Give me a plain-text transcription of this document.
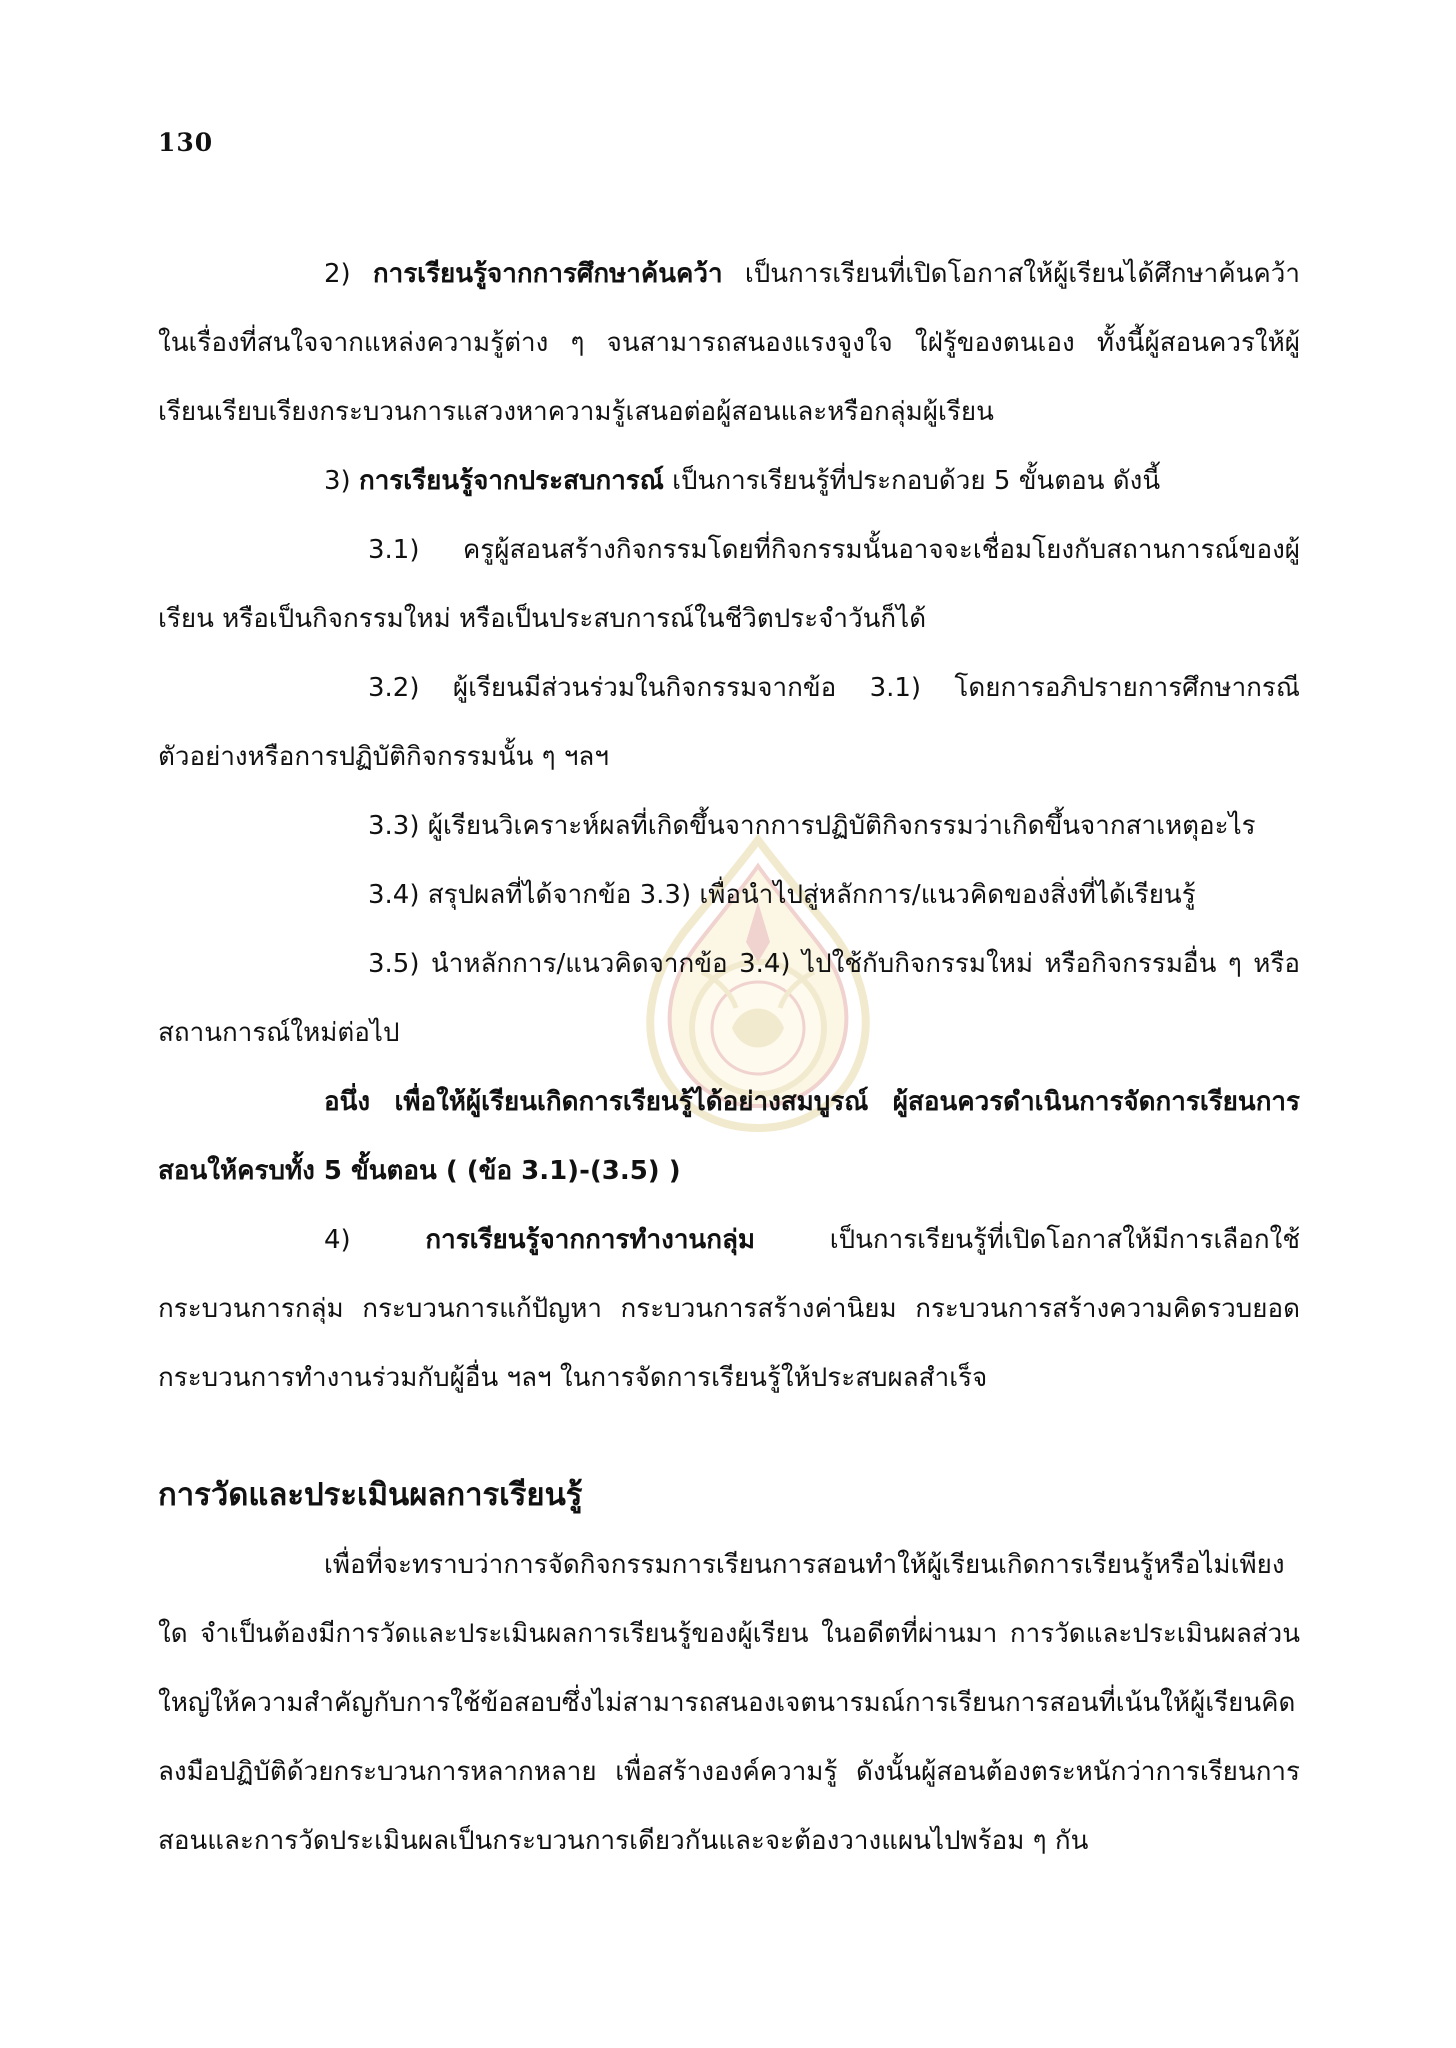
130

2) การเรียนรู้จากการศึกษาค้นคว้า เป็นการเรียนที่เปิดโอกาสให้ผู้เรียนได้ศึกษาค้นคว้าในเรื่องที่สนใจจากแหล่งความรู้ต่าง ๆ จนสามารถสนองแรงจูงใจ ใฝ่รู้ของตนเอง ทั้งนี้ผู้สอนควรให้ผู้เรียนเรียบเรียงกระบวนการแสวงหาความรู้เสนอต่อผู้สอนและหรือกลุ่มผู้เรียน

3) การเรียนรู้จากประสบการณ์ เป็นการเรียนรู้ที่ประกอบด้วย 5 ขั้นตอน ดังนี้

3.1) ครูผู้สอนสร้างกิจกรรมโดยที่กิจกรรมนั้นอาจจะเชื่อมโยงกับสถานการณ์ของผู้เรียน หรือเป็นกิจกรรมใหม่ หรือเป็นประสบการณ์ในชีวิตประจำวันก็ได้

3.2) ผู้เรียนมีส่วนร่วมในกิจกรรมจากข้อ 3.1) โดยการอภิปรายการศึกษากรณีตัวอย่างหรือการปฏิบัติกิจกรรมนั้น ๆ ฯลฯ

3.3) ผู้เรียนวิเคราะห์ผลที่เกิดขึ้นจากการปฏิบัติกิจกรรมว่าเกิดขึ้นจากสาเหตุอะไร

3.4) สรุปผลที่ได้จากข้อ 3.3) เพื่อนำไปสู่หลักการ/แนวคิดของสิ่งที่ได้เรียนรู้

3.5) นำหลักการ/แนวคิดจากข้อ 3.4) ไปใช้กับกิจกรรมใหม่ หรือกิจกรรมอื่น ๆ หรือสถานการณ์ใหม่ต่อไป

อนึ่ง เพื่อให้ผู้เรียนเกิดการเรียนรู้ได้อย่างสมบูรณ์ ผู้สอนควรดำเนินการจัดการเรียนการสอนให้ครบทั้ง 5 ขั้นตอน ( (ข้อ 3.1)-(3.5) )

4) การเรียนรู้จากการทำงานกลุ่ม เป็นการเรียนรู้ที่เปิดโอกาสให้มีการเลือกใช้กระบวนการกลุ่ม กระบวนการแก้ปัญหา กระบวนการสร้างค่านิยม กระบวนการสร้างความคิดรวบยอด กระบวนการทำงานร่วมกับผู้อื่น ฯลฯ ในการจัดการเรียนรู้ให้ประสบผลสำเร็จ

การวัดและประเมินผลการเรียนรู้

เพื่อที่จะทราบว่าการจัดกิจกรรมการเรียนการสอนทำให้ผู้เรียนเกิดการเรียนรู้หรือไม่เพียงใด จำเป็นต้องมีการวัดและประเมินผลการเรียนรู้ของผู้เรียน ในอดีตที่ผ่านมา การวัดและประเมินผลส่วนใหญ่ให้ความสำคัญกับการใช้ข้อสอบซึ่งไม่สามารถสนองเจตนารมณ์การเรียนการสอนที่เน้นให้ผู้เรียนคิด ลงมือปฏิบัติด้วยกระบวนการหลากหลาย เพื่อสร้างองค์ความรู้ ดังนั้นผู้สอนต้องตระหนักว่าการเรียนการสอนและการวัดประเมินผลเป็นกระบวนการเดียวกันและจะต้องวางแผนไปพร้อม ๆ กัน
